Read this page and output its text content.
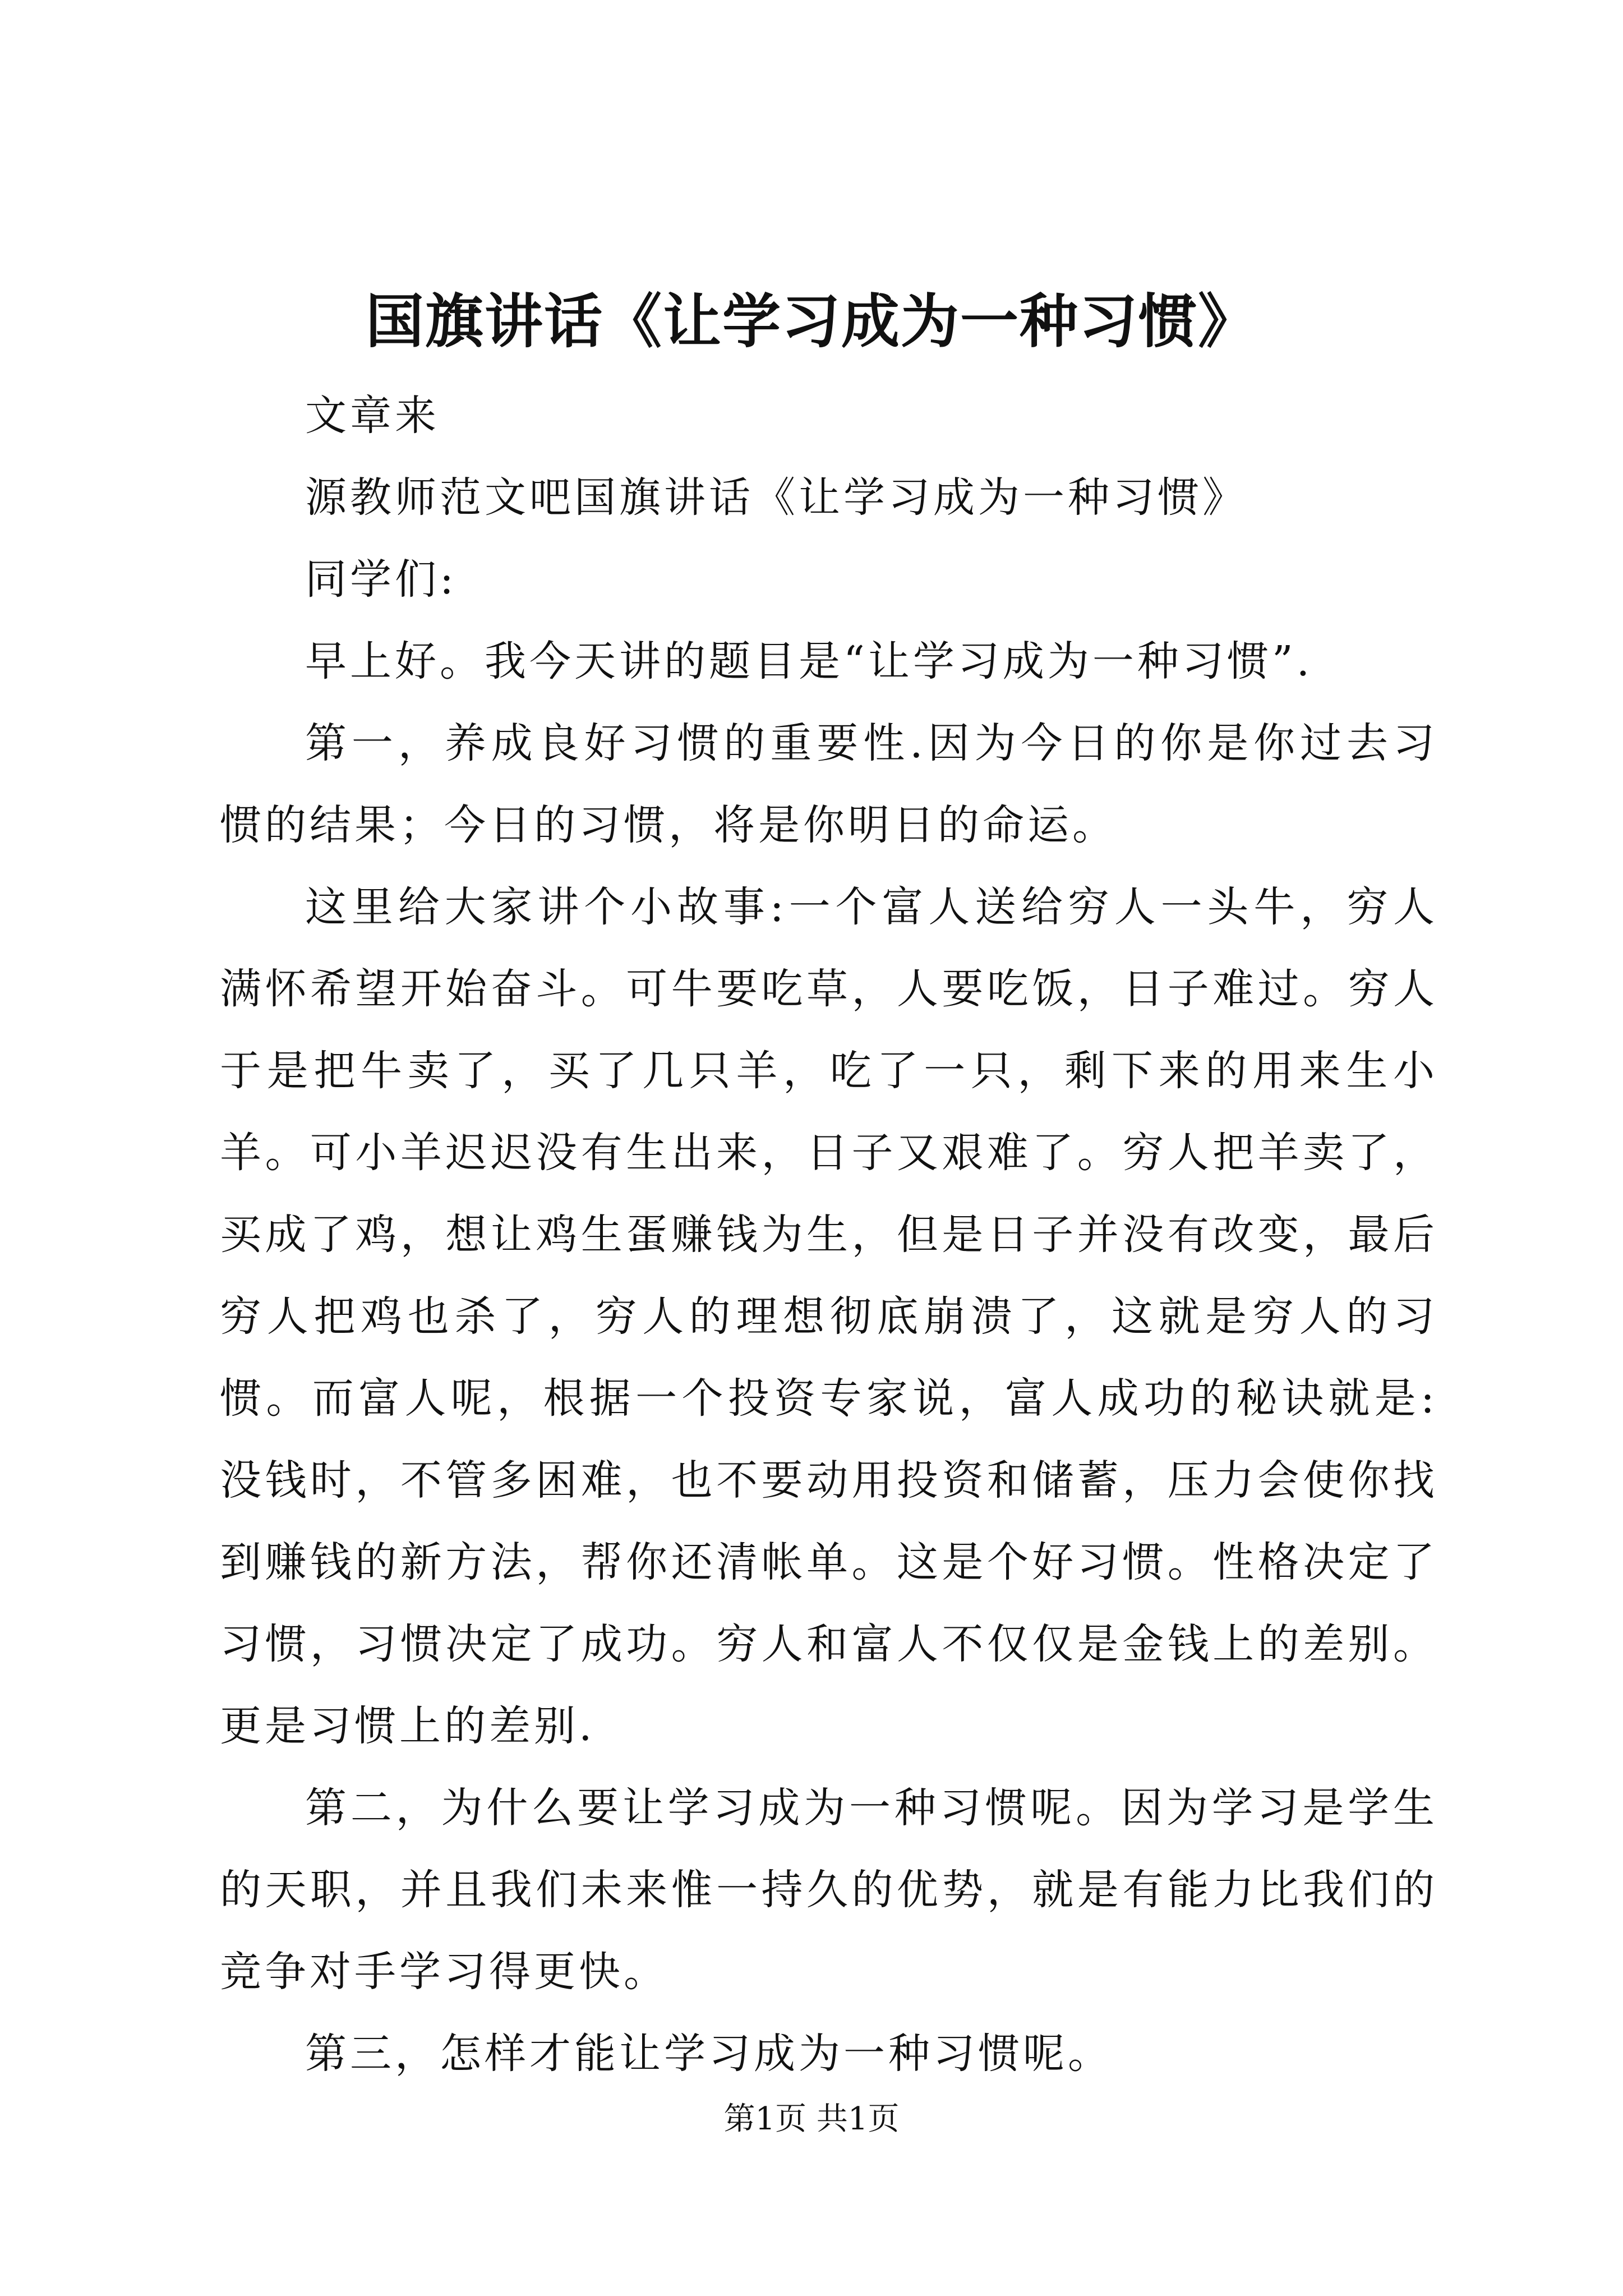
国旗讲话《让学习成为一种习惯》

文章来

源教师范文吧国旗讲话《让学习成为一种习惯》

同学们:

早上好。我今天讲的题目是“让学习成为一种习惯”.

第一，养成良好习惯的重要性.因为今日的你是你过去习惯的结果；今日的习惯，将是你明日的命运。

这里给大家讲个小故事:一个富人送给穷人一头牛，穷人满怀希望开始奋斗。可牛要吃草，人要吃饭，日子难过。穷人于是把牛卖了，买了几只羊，吃了一只，剩下来的用来生小羊。可小羊迟迟没有生出来，日子又艰难了。穷人把羊卖了，买成了鸡，想让鸡生蛋赚钱为生，但是日子并没有改变，最后穷人把鸡也杀了，穷人的理想彻底崩溃了，这就是穷人的习惯。而富人呢，根据一个投资专家说，富人成功的秘诀就是:没钱时，不管多困难，也不要动用投资和储蓄，压力会使你找到赚钱的新方法，帮你还清帐单。这是个好习惯。性格决定了习惯，习惯决定了成功。穷人和富人不仅仅是金钱上的差别。更是习惯上的差别.

第二，为什么要让学习成为一种习惯呢。因为学习是学生的天职，并且我们未来惟一持久的优势，就是有能力比我们的竞争对手学习得更快。

第三，怎样才能让学习成为一种习惯呢。

第1页 共1页
